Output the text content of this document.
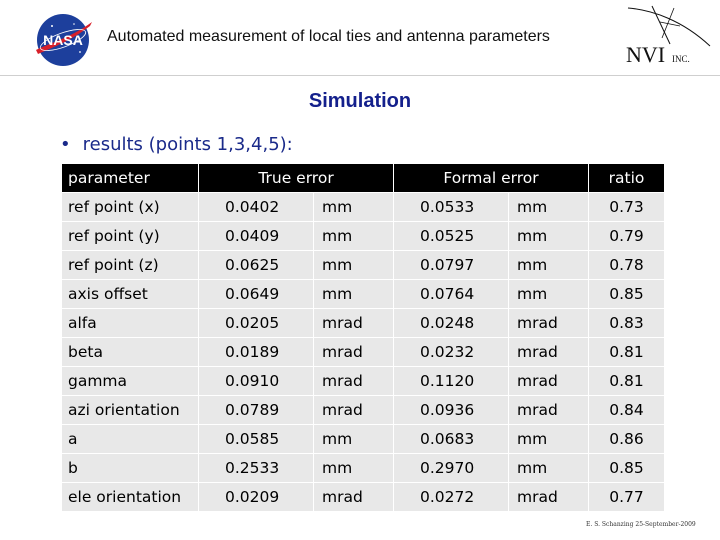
NASA Automated measurement of local ties and antenna parameters
NVI INC.
Simulation
• results (points 1,3,4,5):
parameter	True error		Formal error		ratio
ref point (x)	0.0402	mm	0.0533	mm	0.73
ref point (y)	0.0409	mm	0.0525	mm	0.79
ref point (z)	0.0625	mm	0.0797	mm	0.78
axis offset	0.0649	mm	0.0764	mm	0.85
alfa	0.0205	mrad	0.0248	mrad	0.83
beta	0.0189	mrad	0.0232	mrad	0.81
gamma	0.0910	mrad	0.1120	mrad	0.81
azi orientation	0.0789	mrad	0.0936	mrad	0.84
a	0.0585	mm	0.0683	mm	0.86
b	0.2533	mm	0.2970	mm	0.85
ele orientation	0.0209	mrad	0.0272	mrad	0.77
E. S. Schanzing 25-September-2009
